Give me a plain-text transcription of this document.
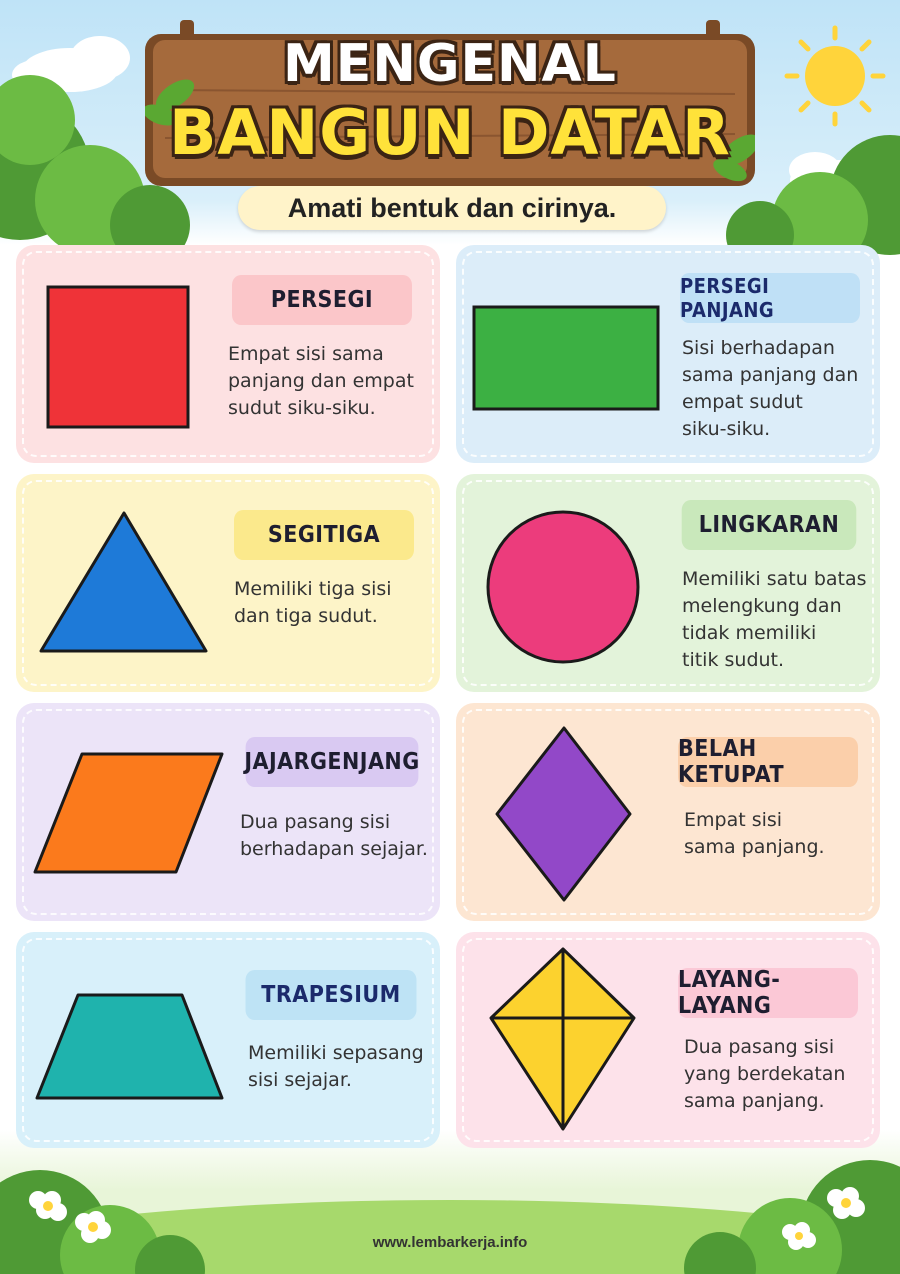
MENGENAL
BANGUN DATAR
Amati bentuk dan cirinya.
PERSEGI
Empat sisi sama
panjang dan empat
sudut siku-siku.
PERSEGI PANJANG
Sisi berhadapan
sama panjang dan
empat sudut
siku-siku.
SEGITIGA
Memiliki tiga sisi
dan tiga sudut.
LINGKARAN
Memiliki satu batas
melengkung dan
tidak memiliki
titik sudut.
JAJARGENJANG
Dua pasang sisi
berhadapan sejajar.
BELAH KETUPAT
Empat sisi
sama panjang.
TRAPESIUM
Memiliki sepasang
sisi sejajar.
LAYANG-LAYANG
Dua pasang sisi
yang berdekatan
sama panjang.
www.lembarkerja.info
